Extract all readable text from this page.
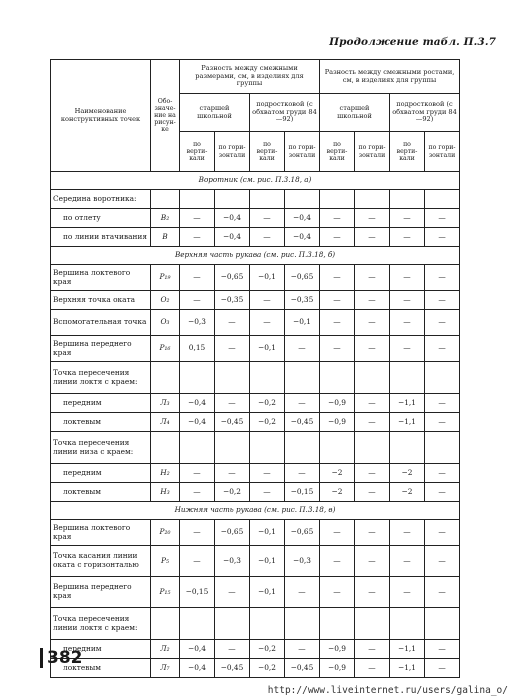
Продолжение табл. П.3.7
Наименование конструктивных точек	Обо-значе-ние на рисун-ке	Разность между смежными размерами, см, в изделиях для группы				Разность между смежными ростами, см, в изделиях для группы			
		старшей школьной		подростковой (с обхватом груди 84—92)		старшей школьной		подростковой (с обхватом груди 84—92)	
		по верти-кали	по гори-зонтали	по верти-кали	по гори-зонтали	по верти-кали	по гори-зонтали	по верти-кали	по гори-зонтали
Воротник (см. рис. П.3.18, а)									
Середина воротника:									
по отлету	B₂	—	−0,4	—	−0,4	—	—	—	—
по линии втачивания	B	—	−0,4	—	−0,4	—	—	—	—
Верхняя часть рукава (см. рис. П.3.18, б)									
Вершина локтевого края	P₁₉	—	−0,65	−0,1	−0,65	—	—	—	—
Верхняя точка оката	O₂	—	−0,35	—	−0,35	—	—	—	—
Вспомогательная точка	O₃	−0,3	—	—	−0,1	—	—	—	—
Вершина переднего края	P₁₆	0,15	—	−0,1	—	—	—	—	—
Точка пересечения линии локтя с краем:									
передним	Л₃	−0,4	—	−0,2	—	−0,9	—	−1,1	—
локтевым	Л₄	−0,4	−0,45	−0,2	−0,45	−0,9	—	−1,1	—
Точка пересечения линии низа с краем:									
передним	H₂	—	—	—	—	−2	—	−2	—
локтевым	H₃	—	−0,2	—	−0,15	−2	—	−2	—
Нижняя часть рукава (см. рис. П.3.18, в)									
Вершина локтевого края	P₂₀	—	−0,65	−0,1	−0,65	—	—	—	—
Точка касания линии оката с горизонталью	P₅	—	−0,3	−0,1	−0,3	—	—	—	—
Вершина переднего края	P₁₅	−0,15	—	−0,1	—	—	—	—	—
Точка пересечения линии локтя с краем:									
передним	Л₂	−0,4	—	−0,2	—	−0,9	—	−1,1	—
локтевым	Л₇	−0,4	−0,45	−0,2	−0,45	−0,9	—	−1,1	—
382
http://www.liveinternet.ru/users/galina_o/
